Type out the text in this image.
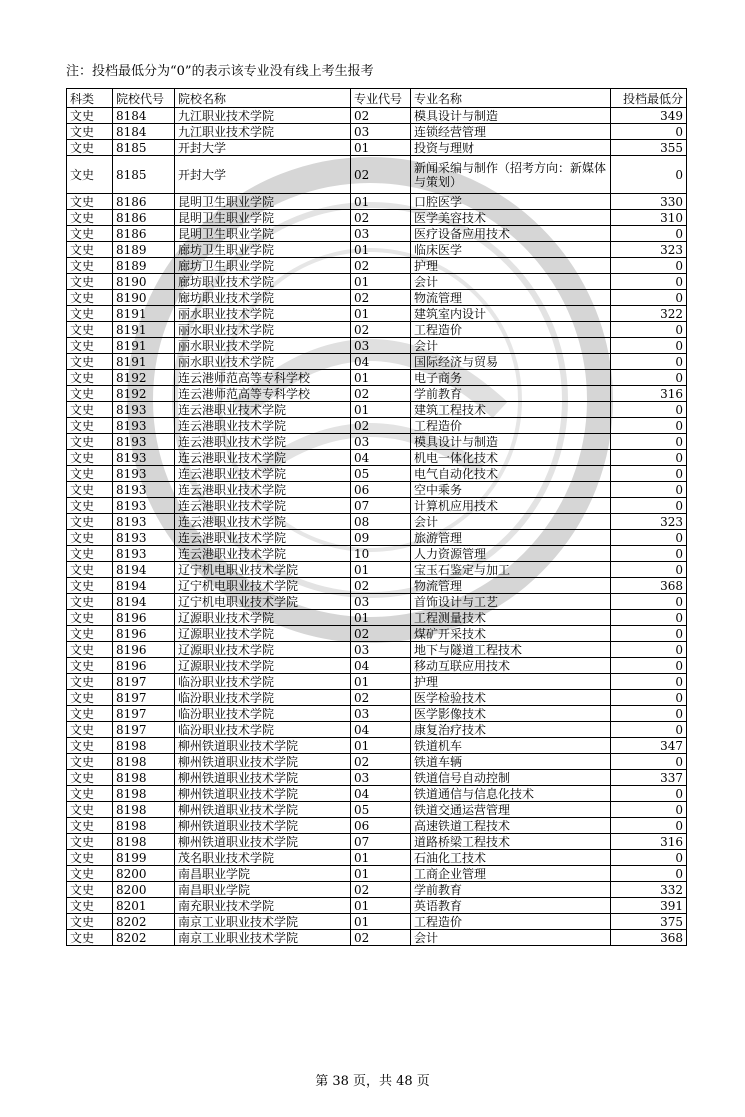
注：投档最低分为“0”的表示该专业没有线上考生报考
科类	院校代号	院校名称	专业代号	专业名称	投档最低分
文史	8184	九江职业技术学院	02	模具设计与制造	349
文史	8184	九江职业技术学院	03	连锁经营管理	0
文史	8185	开封大学	01	投资与理财	355
文史	8185	开封大学	02	新闻采编与制作（招考方向：新媒体与策划）	0
文史	8186	昆明卫生职业学院	01	口腔医学	330
文史	8186	昆明卫生职业学院	02	医学美容技术	310
文史	8186	昆明卫生职业学院	03	医疗设备应用技术	0
文史	8189	廊坊卫生职业学院	01	临床医学	323
文史	8189	廊坊卫生职业学院	02	护理	0
文史	8190	廊坊职业技术学院	01	会计	0
文史	8190	廊坊职业技术学院	02	物流管理	0
文史	8191	丽水职业技术学院	01	建筑室内设计	322
文史	8191	丽水职业技术学院	02	工程造价	0
文史	8191	丽水职业技术学院	03	会计	0
文史	8191	丽水职业技术学院	04	国际经济与贸易	0
文史	8192	连云港师范高等专科学校	01	电子商务	0
文史	8192	连云港师范高等专科学校	02	学前教育	316
文史	8193	连云港职业技术学院	01	建筑工程技术	0
文史	8193	连云港职业技术学院	02	工程造价	0
文史	8193	连云港职业技术学院	03	模具设计与制造	0
文史	8193	连云港职业技术学院	04	机电一体化技术	0
文史	8193	连云港职业技术学院	05	电气自动化技术	0
文史	8193	连云港职业技术学院	06	空中乘务	0
文史	8193	连云港职业技术学院	07	计算机应用技术	0
文史	8193	连云港职业技术学院	08	会计	323
文史	8193	连云港职业技术学院	09	旅游管理	0
文史	8193	连云港职业技术学院	10	人力资源管理	0
文史	8194	辽宁机电职业技术学院	01	宝玉石鉴定与加工	0
文史	8194	辽宁机电职业技术学院	02	物流管理	368
文史	8194	辽宁机电职业技术学院	03	首饰设计与工艺	0
文史	8196	辽源职业技术学院	01	工程测量技术	0
文史	8196	辽源职业技术学院	02	煤矿开采技术	0
文史	8196	辽源职业技术学院	03	地下与隧道工程技术	0
文史	8196	辽源职业技术学院	04	移动互联应用技术	0
文史	8197	临汾职业技术学院	01	护理	0
文史	8197	临汾职业技术学院	02	医学检验技术	0
文史	8197	临汾职业技术学院	03	医学影像技术	0
文史	8197	临汾职业技术学院	04	康复治疗技术	0
文史	8198	柳州铁道职业技术学院	01	铁道机车	347
文史	8198	柳州铁道职业技术学院	02	铁道车辆	0
文史	8198	柳州铁道职业技术学院	03	铁道信号自动控制	337
文史	8198	柳州铁道职业技术学院	04	铁道通信与信息化技术	0
文史	8198	柳州铁道职业技术学院	05	铁道交通运营管理	0
文史	8198	柳州铁道职业技术学院	06	高速铁道工程技术	0
文史	8198	柳州铁道职业技术学院	07	道路桥梁工程技术	316
文史	8199	茂名职业技术学院	01	石油化工技术	0
文史	8200	南昌职业学院	01	工商企业管理	0
文史	8200	南昌职业学院	02	学前教育	332
文史	8201	南充职业技术学院	01	英语教育	391
文史	8202	南京工业职业技术学院	01	工程造价	375
文史	8202	南京工业职业技术学院	02	会计	368
第 38 页，共 48 页
